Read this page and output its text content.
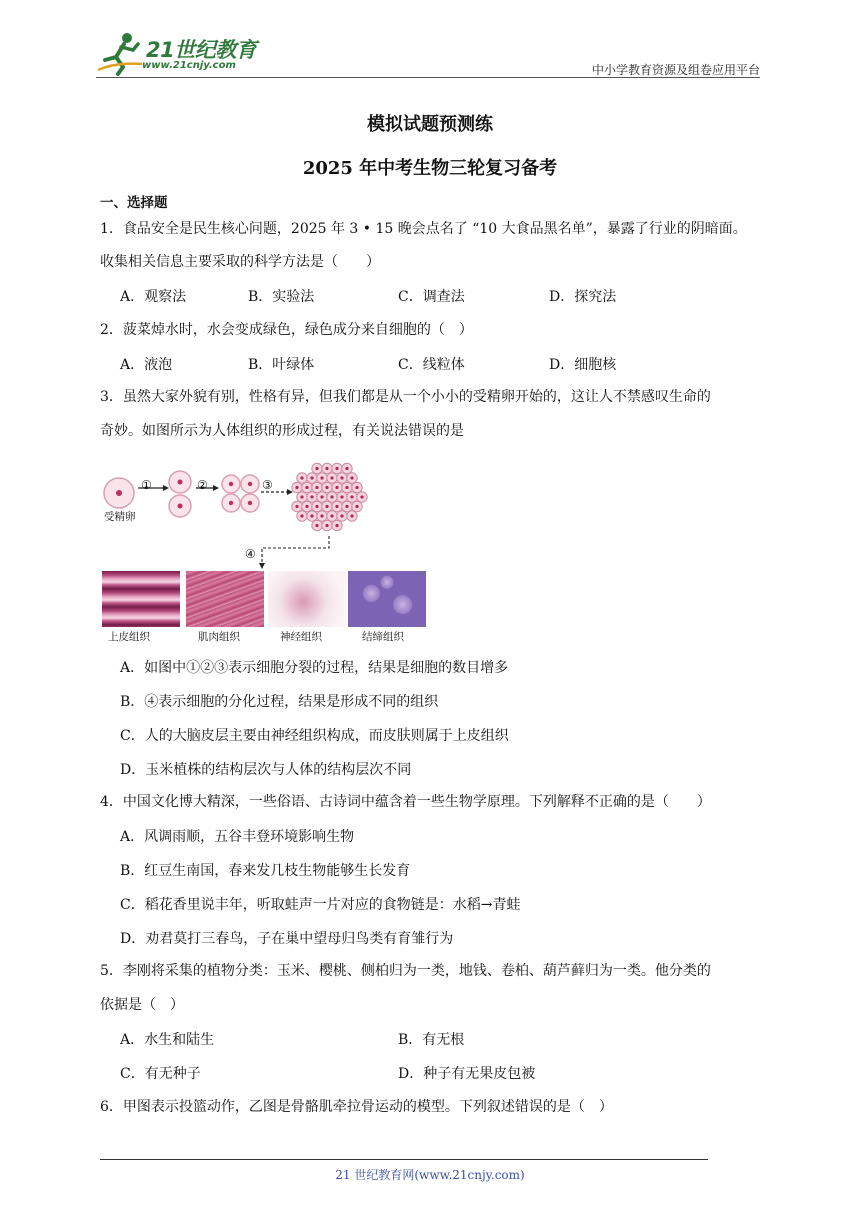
21世纪教育
www.21cnjy.com	中小学教育资源及组卷应用平台
模拟试题预测练
2025 年中考生物三轮复习备考
一、选择题
1．食品安全是民生核心问题，2025 年 3 • 15 晚会点名了 “10 大食品黑名单”，暴露了行业的阴暗面。
收集相关信息主要采取的科学方法是（　　）
A．观察法	B．实验法	C．调查法	D．探究法
2．菠菜焯水时，水会变成绿色，绿色成分来自细胞的（　）
A．液泡	B．叶绿体	C．线粒体	D．细胞核
3．虽然大家外貌有别，性格有异，但我们都是从一个小小的受精卵开始的，这让人不禁感叹生命的
奇妙。如图所示为人体组织的形成过程，有关说法错误的是
①	②	③
④
受精卵
上皮组织	肌肉组织	神经组织	结缔组织
A．如图中①②③表示细胞分裂的过程，结果是细胞的数目增多
B．④表示细胞的分化过程，结果是形成不同的组织
C．人的大脑皮层主要由神经组织构成，而皮肤则属于上皮组织
D．玉米植株的结构层次与人体的结构层次不同
4．中国文化博大精深，一些俗语、古诗词中蕴含着一些生物学原理。下列解释不正确的是（　　）
A．风调雨顺，五谷丰登环境影响生物
B．红豆生南国，春来发几枝生物能够生长发育
C．稻花香里说丰年，听取蛙声一片对应的食物链是：水稻→青蛙
D．劝君莫打三春鸟，子在巢中望母归鸟类有育雏行为
5．李刚将采集的植物分类：玉米、樱桃、侧柏归为一类，地钱、卷柏、葫芦藓归为一类。他分类的
依据是（　）
A．水生和陆生	B．有无根
C．有无种子	D．种子有无果皮包被
6．甲图表示投篮动作，乙图是骨骼肌牵拉骨运动的模型。下列叙述错误的是（　）
21 世纪教育网(www.21cnjy.com)
